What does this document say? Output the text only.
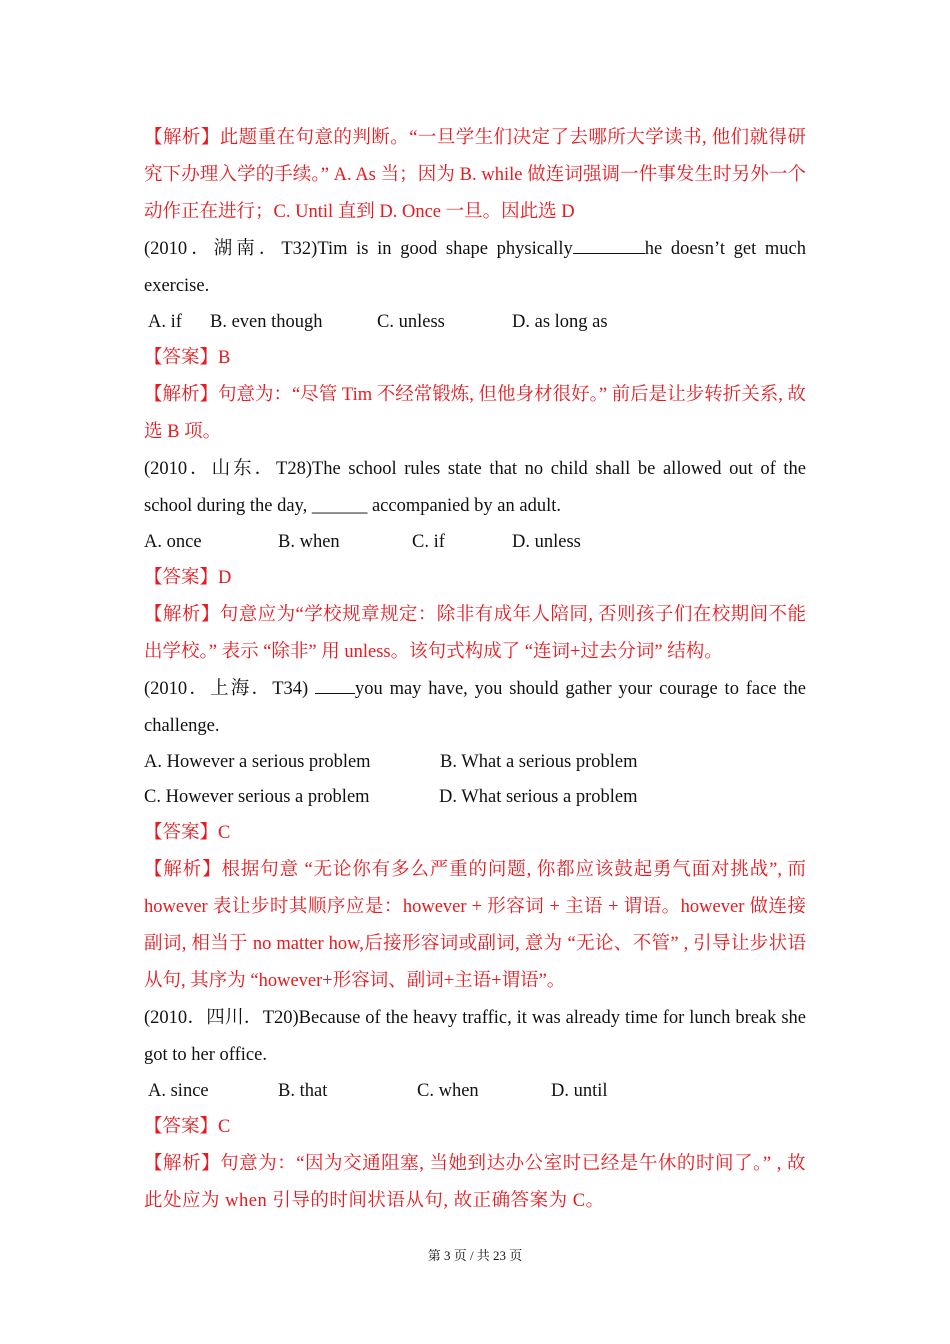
【解析】此题重在句意的判断。“一旦学生们决定了去哪所大学读书, 他们就得研究下办理入学的手续。” A. As 当；因为 B. while 做连词强调一件事发生时另外一个动作正在进行；C. Until 直到 D. Once 一旦。因此选 D

(2010．湖南．T32)Tim is in good shape physically	he doesn’t get much exercise.

A. if	B. even though	C. unless	D. as long as

【答案】B

【解析】句意为：“尽管 Tim 不经常锻炼, 但他身材很好。” 前后是让步转折关系, 故选 B 项。

(2010．山东．T28)The school rules state that no child shall be allowed out of the school during the day, ______ accompanied by an adult.

A. once	B. when	C. if	D. unless

【答案】D

【解析】句意应为“学校规章规定：除非有成年人陪同, 否则孩子们在校期间不能出学校。” 表示 “除非” 用 unless。该句式构成了 “连词+过去分词” 结构。

(2010．上海．T34) you may have, you should gather your courage to face the challenge.

A. However a serious problem	B. What a serious problem
C. However serious a problem	D. What serious a problem

【答案】C

【解析】根据句意 “无论你有多么严重的问题, 你都应该鼓起勇气面对挑战”, 而 however 表让步时其顺序应是：however + 形容词 + 主语 + 谓语。however 做连接副词, 相当于 no matter how,后接形容词或副词, 意为 “无论、不管” , 引导让步状语从句, 其序为 “however+形容词、副词+主语+谓语”。

(2010．四川．T20)Because of the heavy traffic, it was already time for lunch break she got to her office.

A. since	B. that	C. when	D. until

【答案】C

【解析】句意为：“因为交通阻塞, 当她到达办公室时已经是午休的时间了。” , 故此处应为 when 引导的时间状语从句, 故正确答案为 C。

第 3 页 / 共 23 页
